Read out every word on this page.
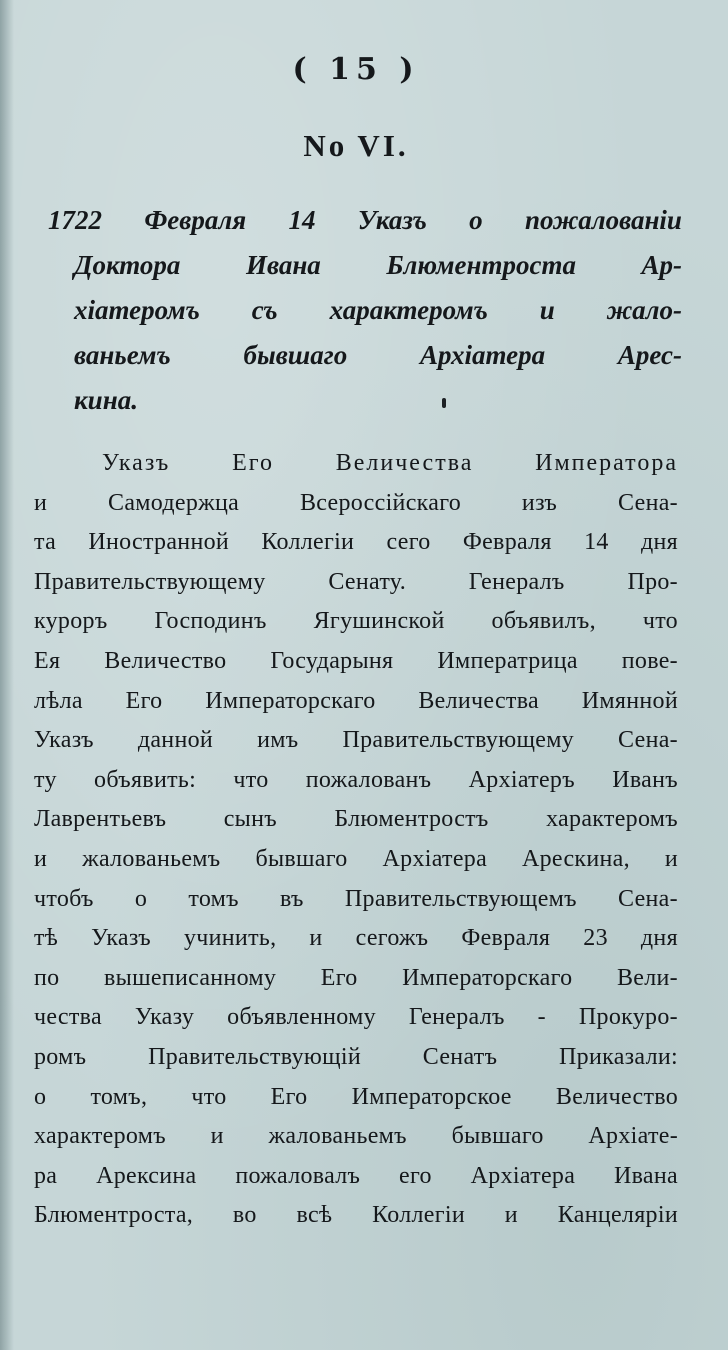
( 15 )
No VI.
1722 Февраля 14 Указъ о пожалованіи
Доктора Ивана Блюментроста Ар-
хіатеромъ съ характеромъ и жало-
ваньемъ	бывшаго	Архіатера	Арес-
кина.
Указъ	Его	Величества	Императора
и	Самодержца	Всероссійскаго	изъ	Сена-
та Иностранной Коллегіи сего Февраля 14 дня
Правительствующему	Сенату.	Генералъ	Про-
курoръ Господинъ Ягушинской объявилъ, что
Ея Величество Государыня Императрица пове-
лѣла Его Императорскаго Величества Имянной
Указъ данной имъ Правительствующему Сена-
ту объявить: что пожалованъ Архіатеръ Иванъ
Лаврентьевъ сынъ Блюментростъ характеромъ
и жалованьемъ бывшаго Архіатера Арескина, и
чтобъ о томъ въ Правительствующемъ Сена-
тѣ Указъ учинить, и сегожъ Февраля 23 дня
по вышеписанному Его Императорскаго Вели-
чества Указу объявленному Генералъ - Прокуро-
ромъ	Правительствующій	Сенатъ	Приказали:
о томъ, что Его Императорское Величество
характеромъ и жалованьемъ бывшаго Архіате-
ра Арексина пожаловалъ его Архіатера Ивана
Блюментроста, во всѣ Коллегіи и Канцеляріи
